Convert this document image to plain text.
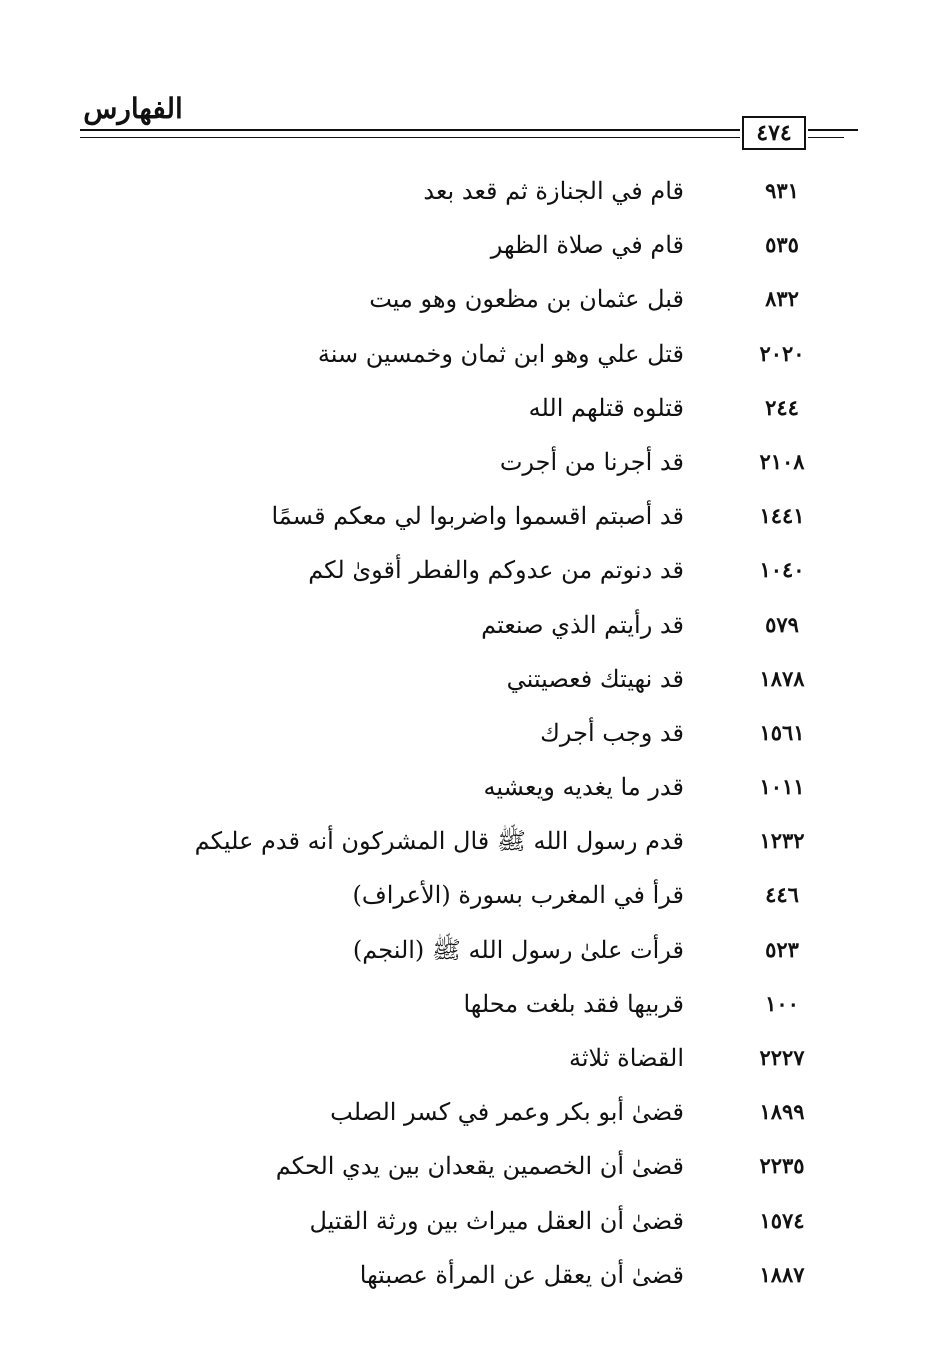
الفهارس
٤٧٤
٩٣١
قام في الجنازة ثم قعد بعد
٥٣٥
قام في صلاة الظهر
٨٣٢
قبل عثمان بن مظعون وهو ميت
٢٠٢٠
قتل علي وهو ابن ثمان وخمسين سنة
٢٤٤
قتلوه قتلهم الله
٢١٠٨
قد أجرنا من أجرت
١٤٤١
قد أصبتم اقسموا واضربوا لي معكم قسمًا
١٠٤٠
قد دنوتم من عدوكم والفطر أقوىٰ لكم
٥٧٩
قد رأيتم الذي صنعتم
١٨٧٨
قد نهيتك فعصيتني
١٥٦١
قد وجب أجرك
١٠١١
قدر ما يغديه ويعشيه
١٢٣٢
قدم رسول الله ﷺ قال المشركون أنه قدم عليكم
٤٤٦
قرأ في المغرب بسورة (الأعراف)
٥٢٣
قرأت علىٰ رسول الله ﷺ (النجم)
١٠٠
قربيها فقد بلغت محلها
٢٢٢٧
القضاة ثلاثة
١٨٩٩
قضىٰ أبو بكر وعمر في كسر الصلب
٢٢٣٥
قضىٰ أن الخصمين يقعدان بين يدي الحكم
١٥٧٤
قضىٰ أن العقل ميراث بين ورثة القتيل
١٨٨٧
قضىٰ أن يعقل عن المرأة عصبتها
